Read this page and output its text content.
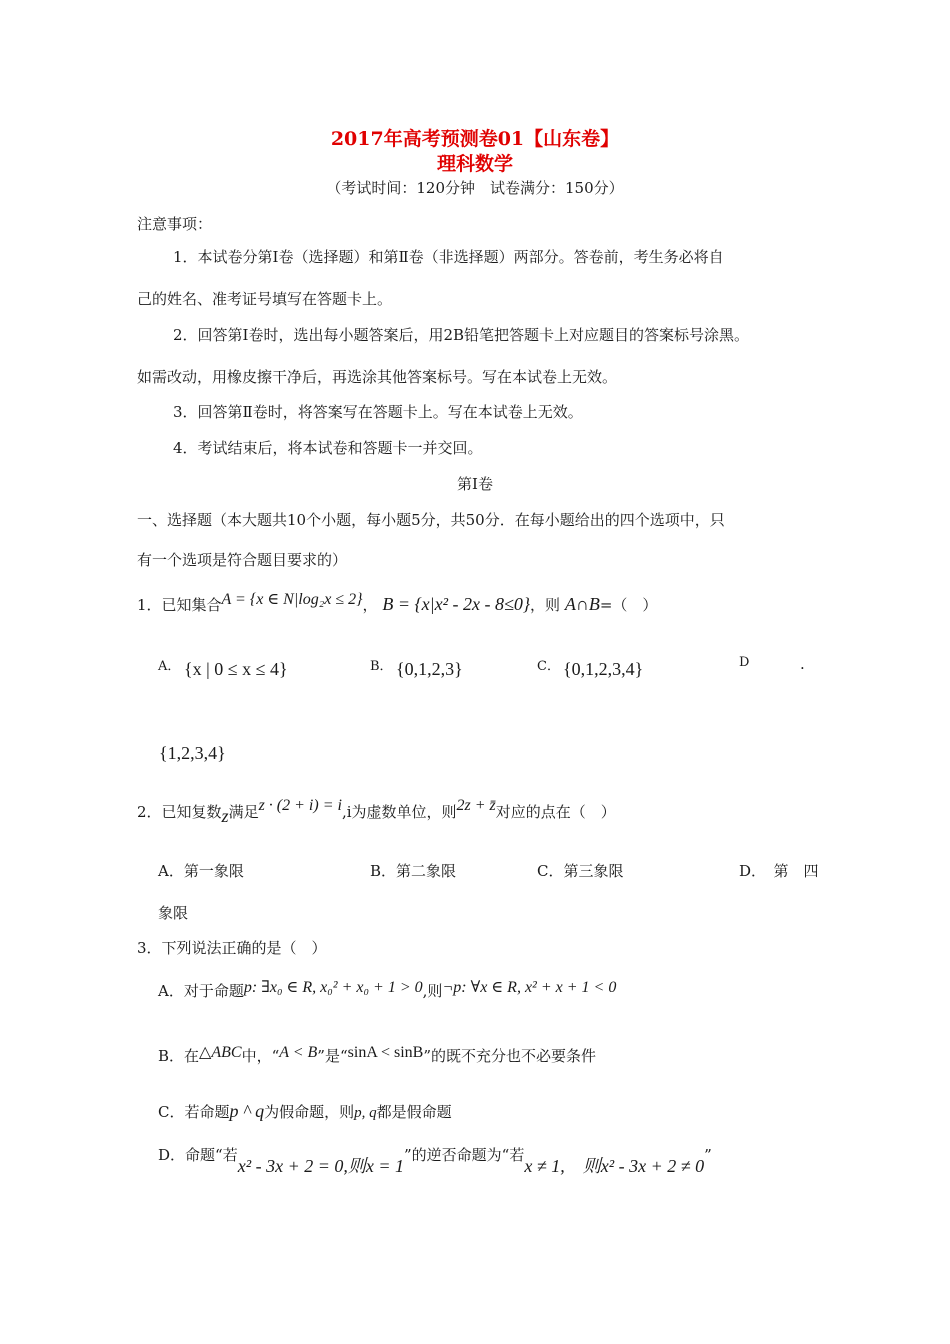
2017年高考预测卷01【山东卷】
理科数学
（考试时间：120分钟　试卷满分：150分）
注意事项：
1．本试卷分第Ⅰ卷（选择题）和第Ⅱ卷（非选择题）两部分。答卷前，考生务必将自
己的姓名、准考证号填写在答题卡上。
2．回答第Ⅰ卷时，选出每小题答案后，用2B铅笔把答题卡上对应题目的答案标号涂黑。
如需改动，用橡皮擦干净后，再选涂其他答案标号。写在本试卷上无效。
3．回答第Ⅱ卷时，将答案写在答题卡上。写在本试卷上无效。
4．考试结束后，将本试卷和答题卡一并交回。
第Ⅰ卷
一、选择题（本大题共10个小题，每小题5分，共50分．在每小题给出的四个选项中，只
有一个选项是符合题目要求的）
1．已知集合A = {x ∈ N|log₂x ≤ 2}， B = {x|x² - 2x - 8≤0}，则 A∩B=（　）
A． {x | 0 ≤ x ≤ 4}	B． {0,1,2,3}	C． {0,1,2,3,4}	D	.
{1,2,3,4}
2．已知复数z满足z · (2 + i) = i,i为虚数单位，则2z + z̄对应的点在（　）
A．第一象限	B．第二象限	C．第三象限	D．　第　四
象限
3．下列说法正确的是（　）
A．对于命题p: ∃x₀ ∈ R, x₀² + x₀ + 1 > 0,则¬p: ∀x ∈ R, x² + x + 1 < 0
B．在△ABC中，“A < B”是“sinA < sinB”的既不充分也不必要条件
C．若命题p ^ q为假命题，则p, q都是假命题
D．命题“若x² - 3x + 2 = 0,则x = 1”的逆否命题为“若x ≠ 1,　则x² - 3x + 2 ≠ 0”
